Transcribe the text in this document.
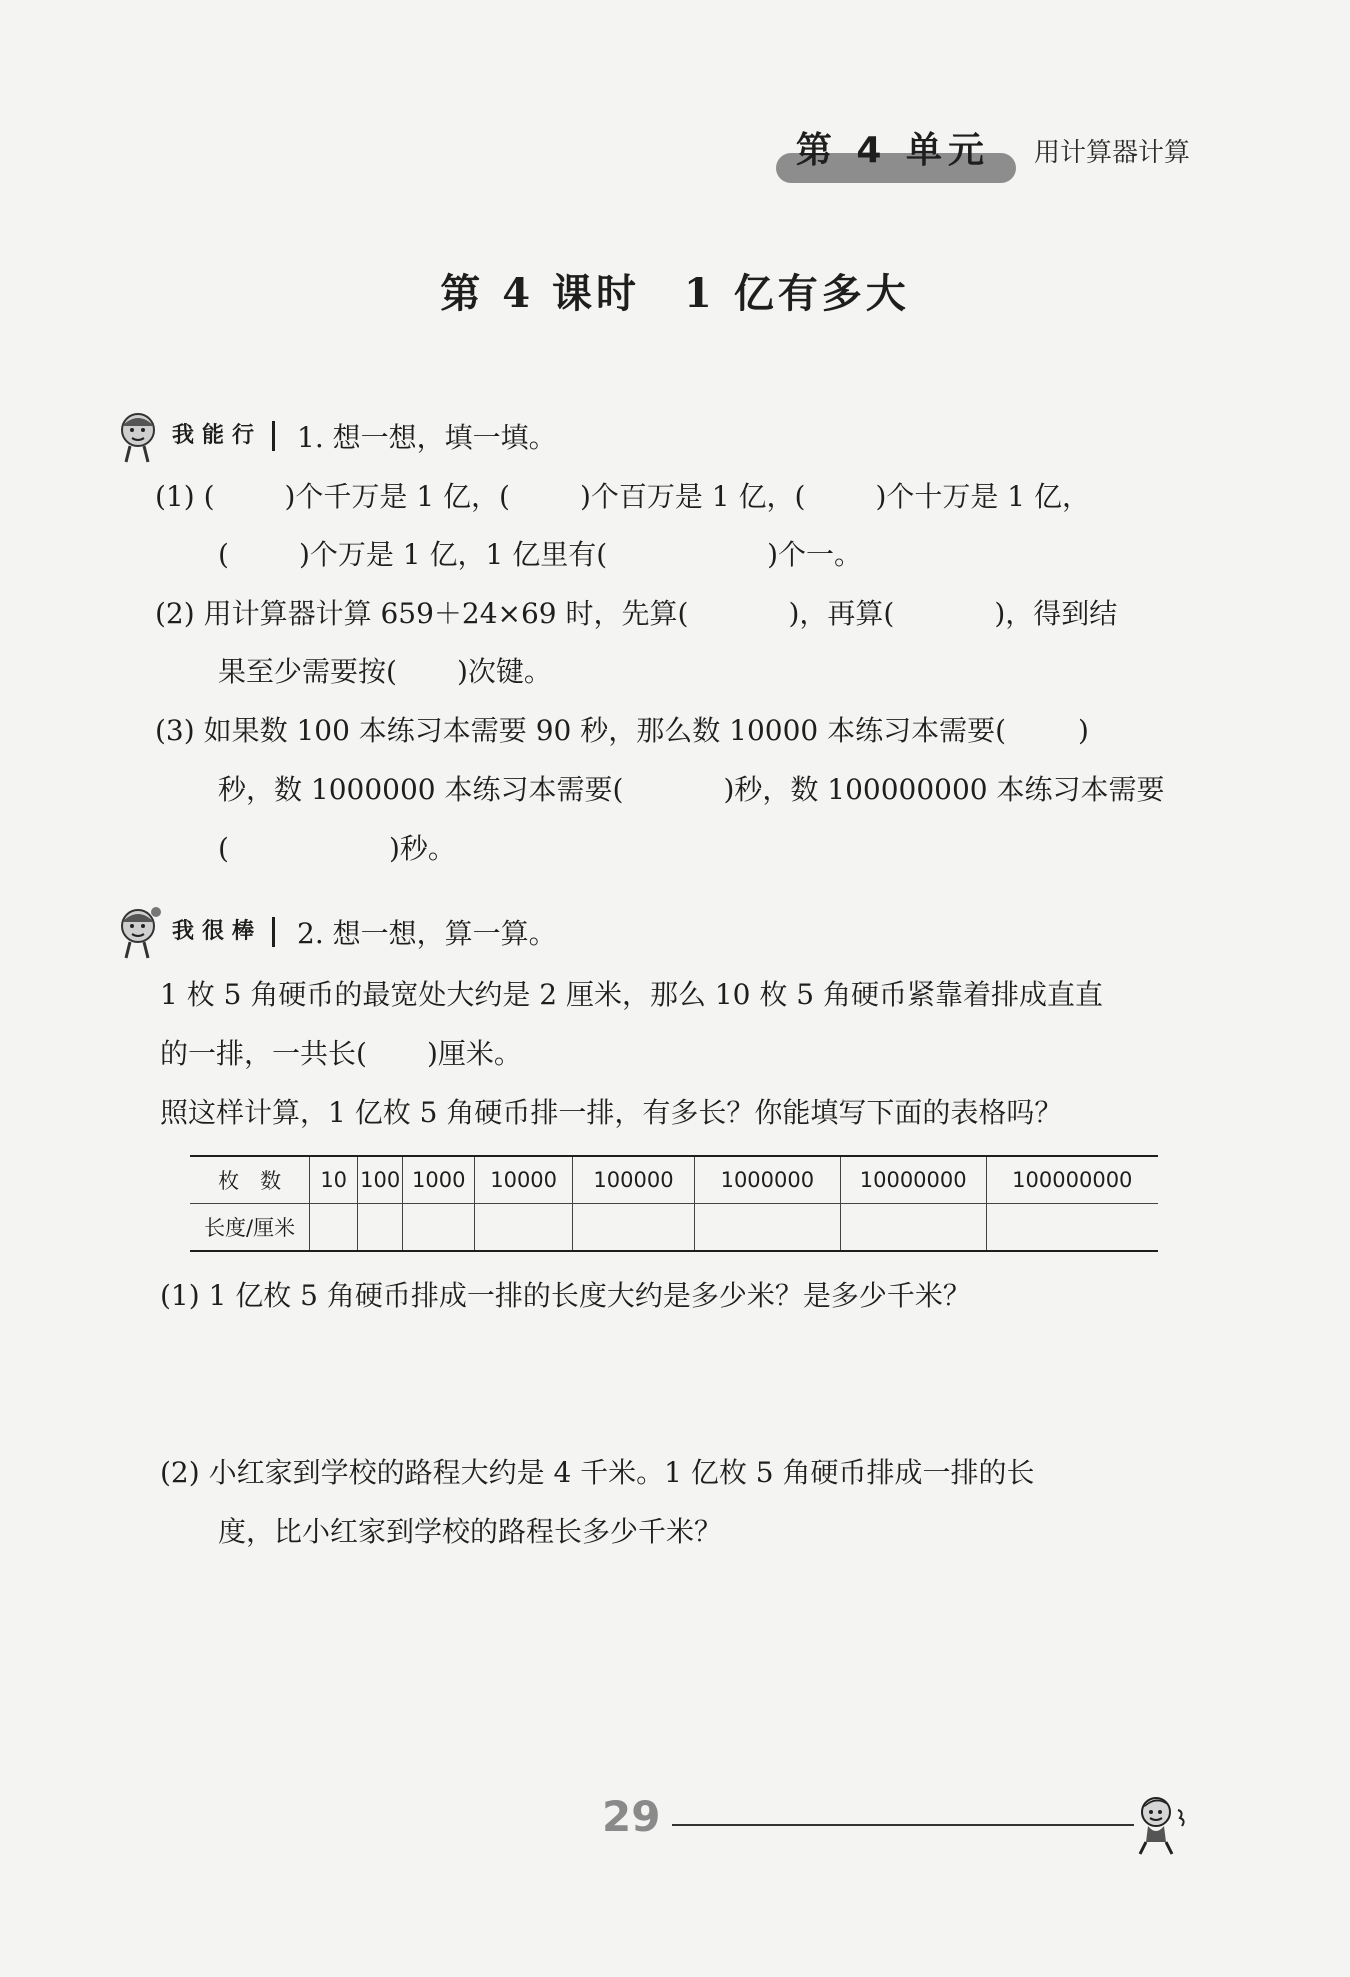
第 4 单元	用计算器计算
第 4 课时　1 亿有多大
我能行	1. 想一想，填一填。
(1) (	)个千万是 1 亿，(	)个百万是 1 亿，(	)个十万是 1 亿，
(	)个万是 1 亿，1 亿里有(	)个一。
(2) 用计算器计算 659＋24×69 时，先算(	)，再算(	)，得到结
果至少需要按( )次键。
(3) 如果数 100 本练习本需要 90 秒，那么数 10000 本练习本需要(	)
秒，数 1000000 本练习本需要(	)秒，数 100000000 本练习本需要
(	)秒。
我很棒	2. 想一想，算一算。
1 枚 5 角硬币的最宽处大约是 2 厘米，那么 10 枚 5 角硬币紧靠着排成直直
的一排，一共长( )厘米。
照这样计算，1 亿枚 5 角硬币排一排，有多长？你能填写下面的表格吗？
枚　数	10	100	1000	10000	100000	1000000	10000000	100000000
长度/厘米								
(1) 1 亿枚 5 角硬币排成一排的长度大约是多少米？是多少千米？
(2) 小红家到学校的路程大约是 4 千米。1 亿枚 5 角硬币排成一排的长
度，比小红家到学校的路程长多少千米？
29
